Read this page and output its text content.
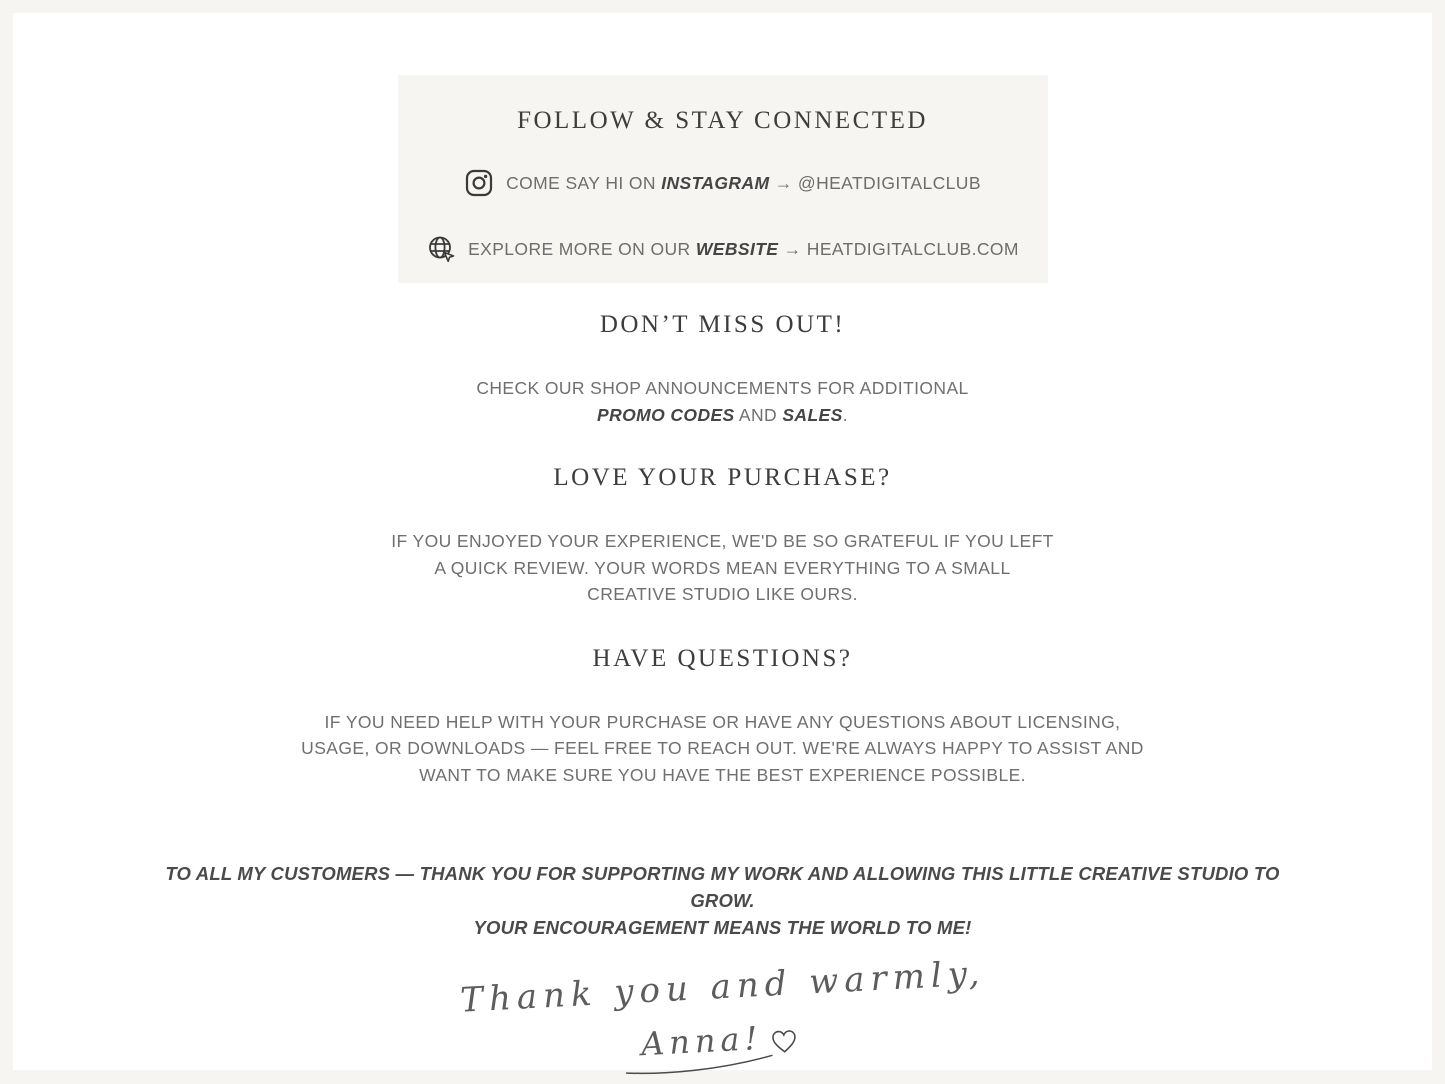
FOLLOW & STAY CONNECTED
COME SAY HI ON INSTAGRAM → @HEATDIGITALCLUB
EXPLORE MORE ON OUR WEBSITE → HEATDIGITALCLUB.COM
DON’T MISS OUT!
CHECK OUR SHOP ANNOUNCEMENTS FOR ADDITIONAL
PROMO CODES AND SALES.
LOVE YOUR PURCHASE?
IF YOU ENJOYED YOUR EXPERIENCE, WE'D BE SO GRATEFUL IF YOU LEFT
A QUICK REVIEW. YOUR WORDS MEAN EVERYTHING TO A SMALL
CREATIVE STUDIO LIKE OURS.
HAVE QUESTIONS?
IF YOU NEED HELP WITH YOUR PURCHASE OR HAVE ANY QUESTIONS ABOUT LICENSING,
USAGE, OR DOWNLOADS — FEEL FREE TO REACH OUT. WE'RE ALWAYS HAPPY TO ASSIST AND
WANT TO MAKE SURE YOU HAVE THE BEST EXPERIENCE POSSIBLE.
TO ALL MY CUSTOMERS — THANK YOU FOR SUPPORTING MY WORK AND ALLOWING THIS LITTLE CREATIVE STUDIO TO GROW.
YOUR ENCOURAGEMENT MEANS THE WORLD TO ME!
Thank you and warmly,
Anna!
